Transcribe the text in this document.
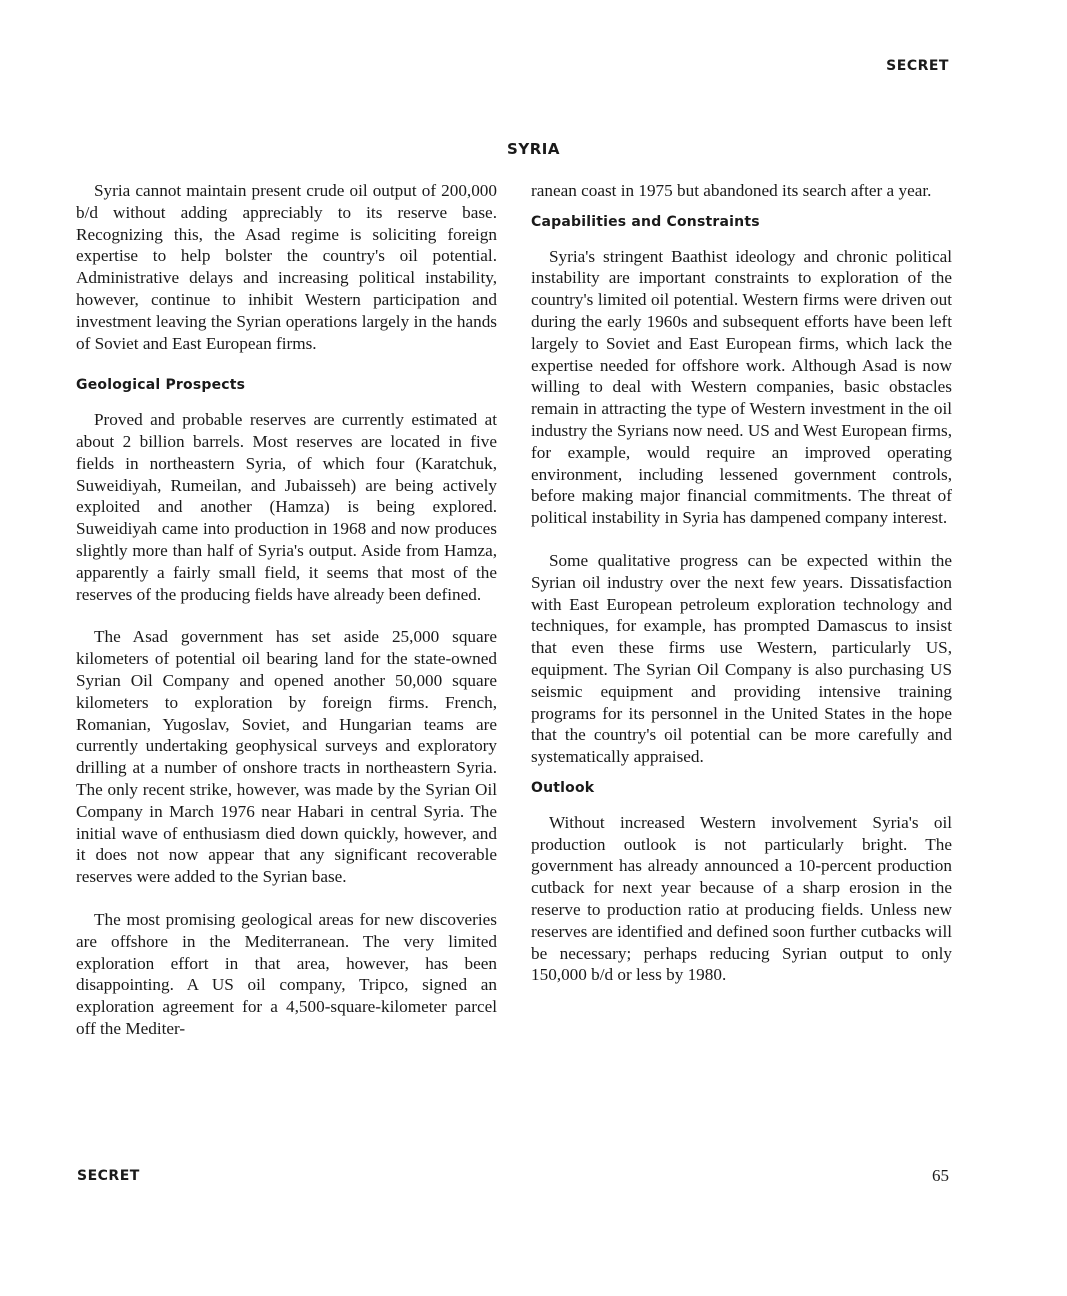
SECRET
SYRIA

Syria cannot maintain present crude oil output of 200,000 b/d without adding appreciably to its reserve base. Recognizing this, the Asad regime is soliciting foreign expertise to help bolster the country's oil potential. Administrative delays and increasing political instability, however, continue to inhibit Western participation and investment leaving the Syrian operations largely in the hands of Soviet and East European firms.

Geological Prospects

Proved and probable reserves are currently estimated at about 2 billion barrels. Most reserves are located in five fields in northeastern Syria, of which four (Karatchuk, Suweidiyah, Rumeilan, and Jubaisseh) are being actively exploited and another (Hamza) is being explored. Suweidiyah came into production in 1968 and now produces slightly more than half of Syria's output. Aside from Hamza, apparently a fairly small field, it seems that most of the reserves of the producing fields have already been defined.

The Asad government has set aside 25,000 square kilometers of potential oil bearing land for the state-owned Syrian Oil Company and opened another 50,000 square kilometers to exploration by foreign firms. French, Romanian, Yugoslav, Soviet, and Hungarian teams are currently undertaking geophysical surveys and exploratory drilling at a number of onshore tracts in northeastern Syria. The only recent strike, however, was made by the Syrian Oil Company in March 1976 near Habari in central Syria. The initial wave of enthusiasm died down quickly, however, and it does not now appear that any significant recoverable reserves were added to the Syrian base.

The most promising geological areas for new discoveries are offshore in the Mediterranean. The very limited exploration effort in that area, however, has been disappointing. A US oil company, Tripco, signed an exploration agreement for a 4,500-square-kilometer parcel off the Mediter-

ranean coast in 1975 but abandoned its search after a year.

Capabilities and Constraints

Syria's stringent Baathist ideology and chronic political instability are important constraints to exploration of the country's limited oil potential. Western firms were driven out during the early 1960s and subsequent efforts have been left largely to Soviet and East European firms, which lack the expertise needed for offshore work. Although Asad is now willing to deal with Western companies, basic obstacles remain in attracting the type of Western investment in the oil industry the Syrians now need. US and West European firms, for example, would require an improved operating environment, including lessened government controls, before making major financial commitments. The threat of political instability in Syria has dampened company interest.

Some qualitative progress can be expected within the Syrian oil industry over the next few years. Dissatisfaction with East European petroleum exploration technology and techniques, for example, has prompted Damascus to insist that even these firms use Western, particularly US, equipment. The Syrian Oil Company is also purchasing US seismic equipment and providing intensive training programs for its personnel in the United States in the hope that the country's oil potential can be more carefully and systematically appraised.

Outlook

Without increased Western involvement Syria's oil production outlook is not particularly bright. The government has already announced a 10-percent production cutback for next year because of a sharp erosion in the reserve to production ratio at producing fields. Unless new reserves are identified and defined soon further cutbacks will be necessary; perhaps reducing Syrian output to only 150,000 b/d or less by 1980.

SECRET	65
